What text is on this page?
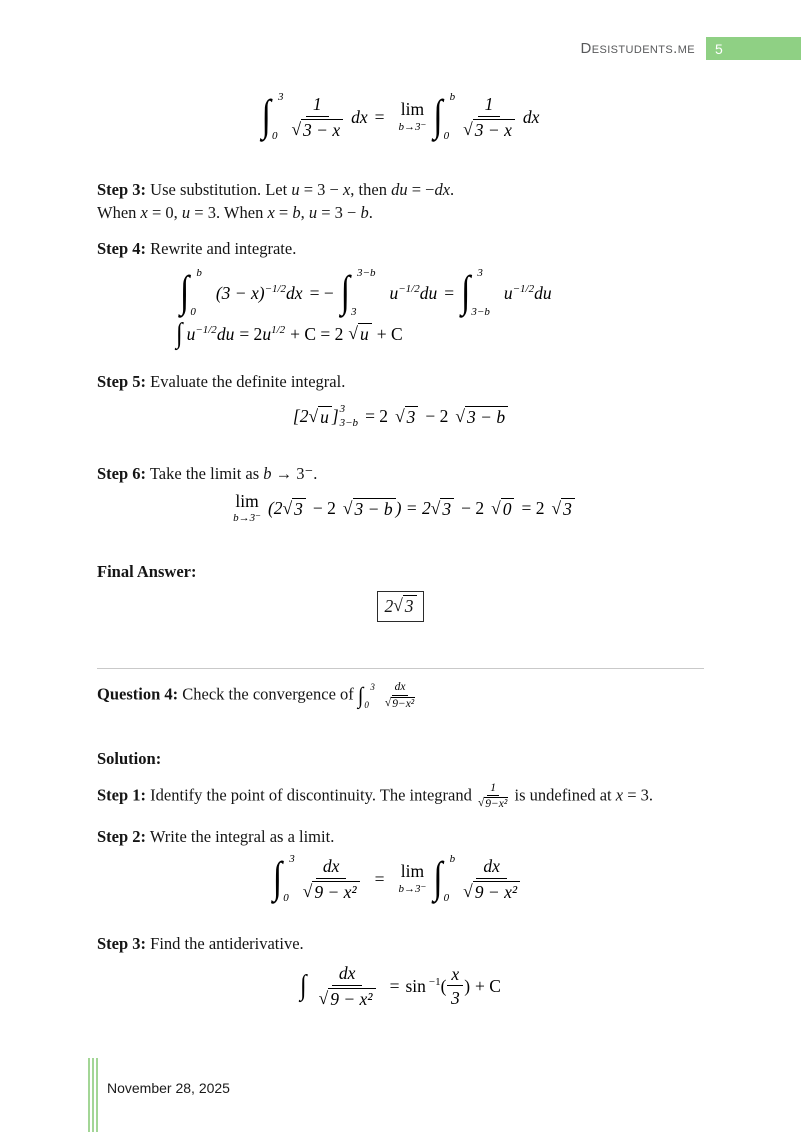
Desistudents.me 5
∫ 3
$0 \frac{1}{√ 3 - x}$ dx = lim
b→3⁻ ∫ b
$0 \frac{1}{√ 3 - x}$ dx

Step 3: Use substitution. Let u = 3 − x, then du = −dx.
When x = 0, u = 3. When x = b, u = 3 − b.

Step 4: Rewrite and integrate.

∫ b
0
$(3 - x)^{-1/2}dx$ = − ∫ 3−b
3
$u^{-1/2}du$ = ∫ 3
3−b
$u^{-1/2}du$
∫ $u^{-1/2}du = 2u^{1/2} + C = 2$ √ u + C

Step 5: Evaluate the definite integral.

[2 √ u ] 3
3−b = 2 √ 3 − 2 √ 3 − b

Step 6: Take the limit as b → 3⁻.

lim
b→3⁻
(2 √ 3 − 2 √ 3 − b ) = 2 √ 3 − 2 √ 0 = 2 √ 3

Final Answer:

2 √ 3

Question 4: Check the convergence of ∫ 3
0	$\frac{dx}{\text{√ 9−x²}}$

Solution:

Step 1: Identify the point of discontinuity. The integrand $\frac{1}{\text{√ 9−x²}}$ is undefined at x = 3.

Step 2: Write the integral as a limit.

∫ 3
$0 \frac{dx}{\text{√ 9 − x²}} = \lim$
b→3⁻ ∫ b
$0 \frac{dx}{\text{√ 9 − x²}}$

Step 3: Find the antiderivative.

∫ $\frac{dx}{\text{√ 9 − x²}} = \sin ^{-1}( \frac{x}{3}$ ) + C
November 28, 2025
